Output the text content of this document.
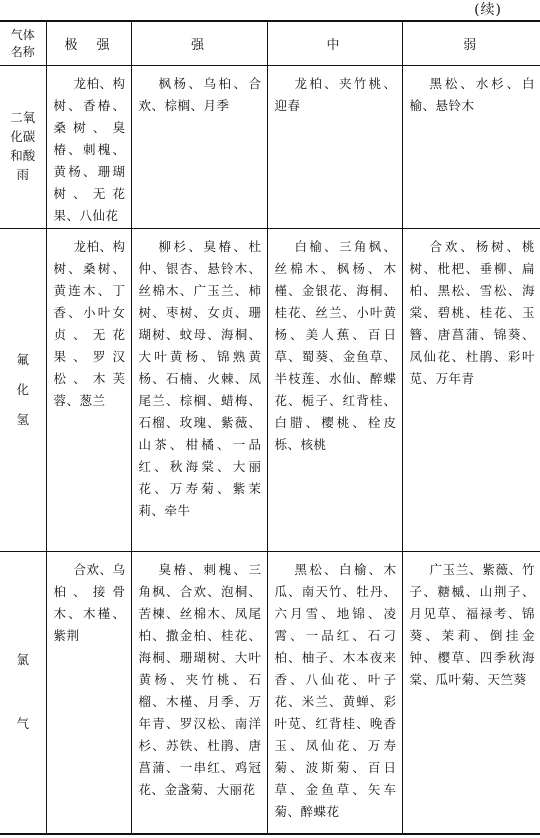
(续)
气体
名称	极　强	强	中	弱
二氧
化碳
和酸
雨	龙柏、构树、香椿、桑树、臭椿、刺槐、黄杨、珊瑚树、无花果、八仙花	枫杨、乌桕、合欢、棕榈、月季	龙柏、夹竹桃、迎春	黑松、水杉、白榆、悬铃木

氟
化
氢	龙柏、构树、桑树、黄连木、丁香、小叶女贞、无花果、罗汉松、木芙蓉、葱兰	柳杉、臭椿、杜仲、银杏、悬铃木、丝棉木、广玉兰、柿树、枣树、女贞、珊瑚树、蚊母、海桐、大叶黄杨、锦熟黄杨、石楠、火棘、凤尾兰、棕榈、蜡梅、石榴、玫瑰、紫薇、山茶、柑橘、一品红、秋海棠、大丽花、万寿菊、紫茉莉、牵牛	白榆、三角枫、丝棉木、枫杨、木槿、金银花、海桐、桂花、丝兰、小叶黄杨、美人蕉、百日草、蜀葵、金鱼草、半枝莲、水仙、醉蝶花、栀子、红背桂、白腊、樱桃、栓皮栎、核桃	合欢、杨树、桃树、枇杷、垂柳、扁柏、黑松、雪松、海棠、碧桃、桂花、玉簪、唐菖蒲、锦葵、凤仙花、杜鹃、彩叶苋、万年青

氯
气	合欢、乌桕、接骨木、木槿、紫荆	臭椿、刺槐、三角枫、合欢、泡桐、苦楝、丝棉木、凤尾柏、撒金柏、桂花、海桐、珊瑚树、大叶黄杨、夹竹桃、石榴、木槿、月季、万年青、罗汉松、南洋杉、苏铁、杜鹃、唐菖蒲、一串红、鸡冠花、金盏菊、大丽花	黑松、白榆、木瓜、南天竹、牡丹、六月雪、地锦、凌霄、一品红、石刁柏、柚子、木本夜来香、八仙花、叶子花、米兰、黄蝉、彩叶苋、红背桂、晚香玉、凤仙花、万寿菊、波斯菊、百日草、金鱼草、矢车菊、醉蝶花	广玉兰、紫薇、竹子、糖槭、山荆子、月见草、福禄考、锦葵、茉莉、倒挂金钟、樱草、四季秋海棠、瓜叶菊、天竺葵
